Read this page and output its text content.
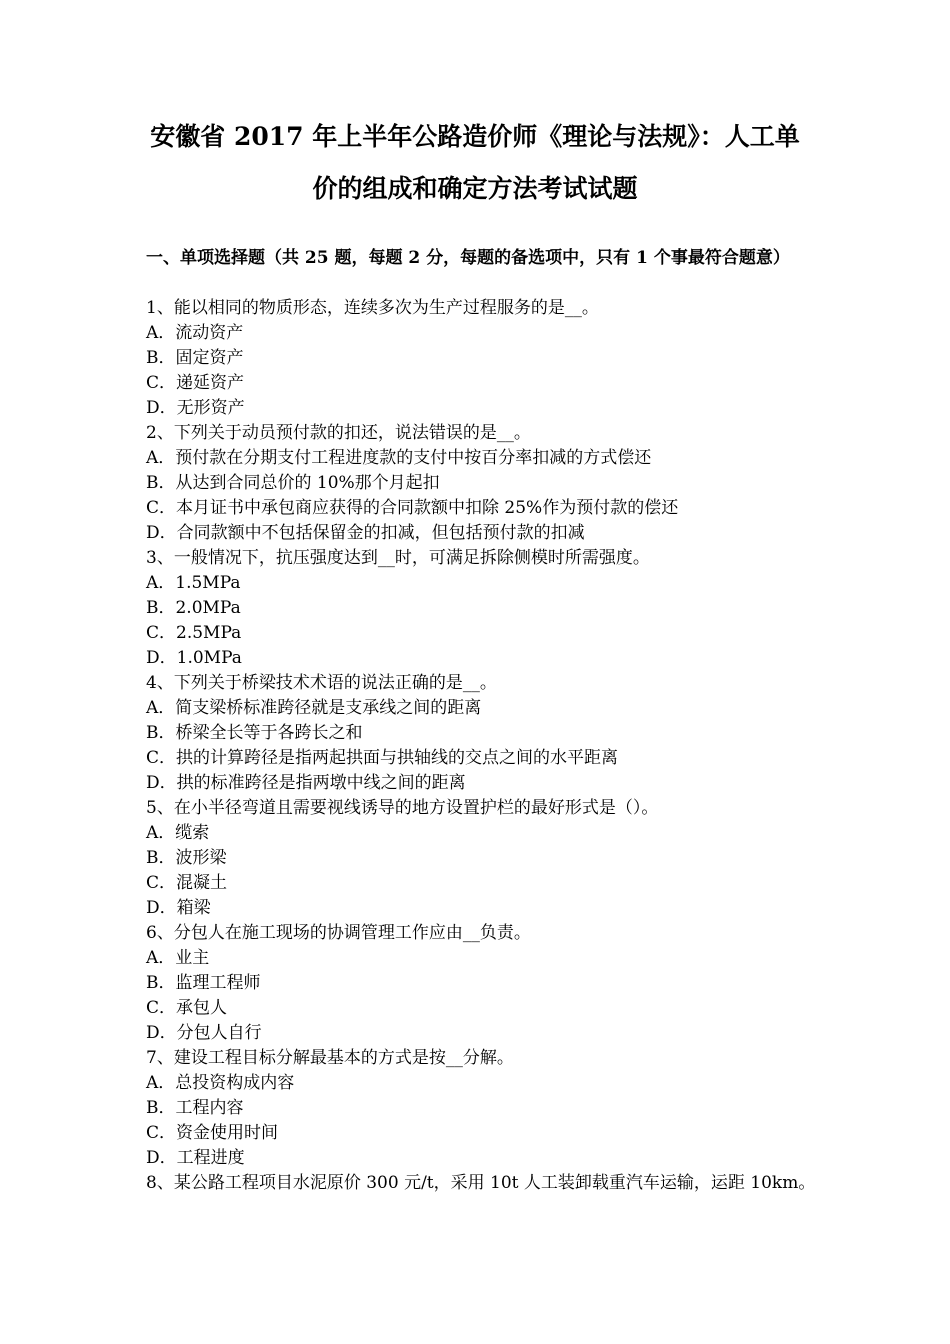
安徽省 2017 年上半年公路造价师《理论与法规》：人工单
价的组成和确定方法考试试题
一、单项选择题（共 25 题，每题 2 分，每题的备选项中，只有 1 个事最符合题意）
1、能以相同的物质形态，连续多次为生产过程服务的是__。
A．流动资产
B．固定资产
C．递延资产
D．无形资产
2、下列关于动员预付款的扣还，说法错误的是__。
A．预付款在分期支付工程进度款的支付中按百分率扣减的方式偿还
B．从达到合同总价的 10%那个月起扣
C．本月证书中承包商应获得的合同款额中扣除 25%作为预付款的偿还
D．合同款额中不包括保留金的扣减，但包括预付款的扣减
3、一般情况下，抗压强度达到__时，可满足拆除侧模时所需强度。
A．1.5MPa
B．2.0MPa
C．2.5MPa
D．1.0MPa
4、下列关于桥梁技术术语的说法正确的是__。
A．简支梁桥标准跨径就是支承线之间的距离
B．桥梁全长等于各跨长之和
C．拱的计算跨径是指两起拱面与拱轴线的交点之间的水平距离
D．拱的标准跨径是指两墩中线之间的距离
5、在小半径弯道且需要视线诱导的地方设置护栏的最好形式是（）。
A．缆索
B．波形梁
C．混凝土
D．箱梁
6、分包人在施工现场的协调管理工作应由__负责。
A．业主
B．监理工程师
C．承包人
D．分包人自行
7、建设工程目标分解最基本的方式是按__分解。
A．总投资构成内容
B．工程内容
C．资金使用时间
D．工程进度
8、某公路工程项目水泥原价 300 元/t，采用 10t 人工装卸载重汽车运输，运距 10km。
